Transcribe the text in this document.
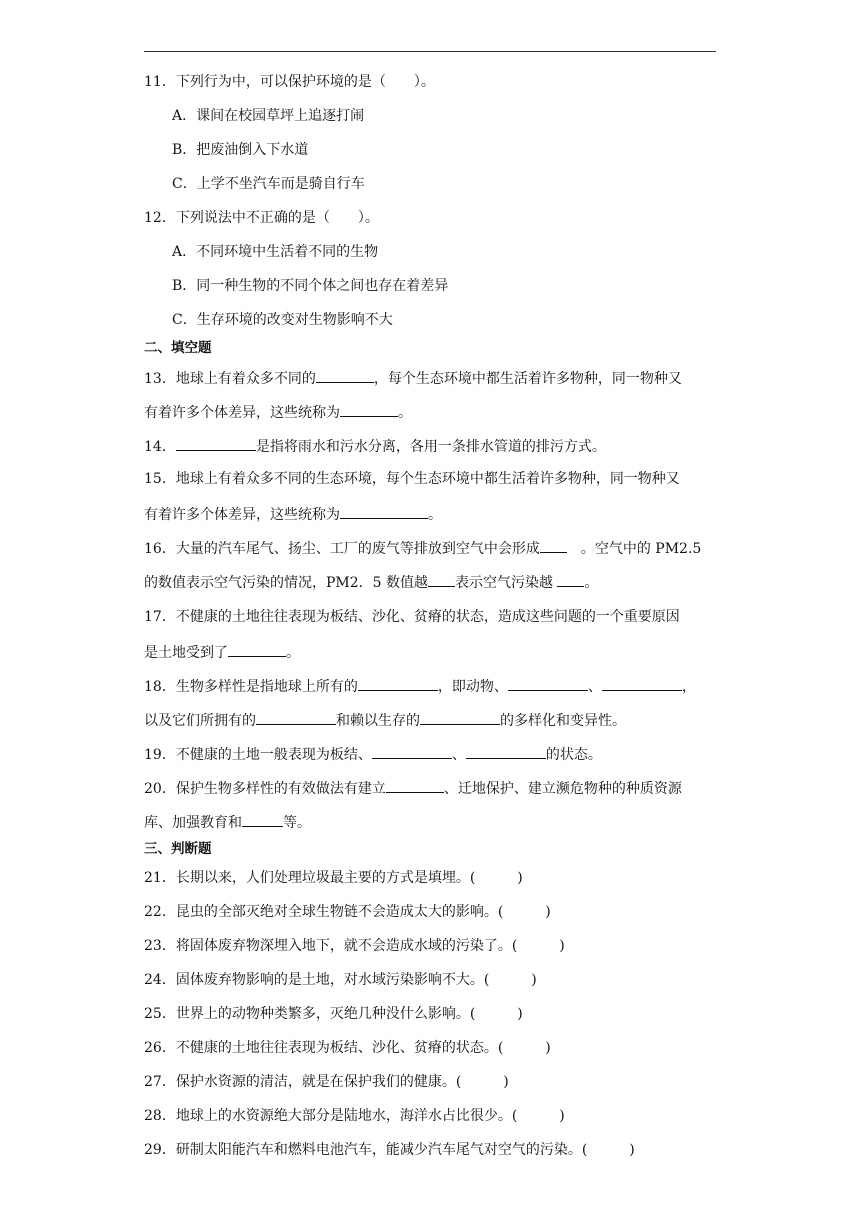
11．下列行为中，可以保护环境的是（　　）。
A．课间在校园草坪上追逐打闹
B．把废油倒入下水道
C．上学不坐汽车而是骑自行车
12．下列说法中不正确的是（　　）。
A．不同环境中生活着不同的生物
B．同一种生物的不同个体之间也存在着差异
C．生存环境的改变对生物影响不大
二、填空题
13．地球上有着众多不同的	，每个生态环境中都生活着许多物种，同一物种又
有着许多个体差异，这些统称为	。
14．	是指将雨水和污水分离，各用一条排水管道的排污方式。
15．地球上有着众多不同的生态环境，每个生态环境中都生活着许多物种，同一物种又
有着许多个体差异，这些统称为	。
16．大量的汽车尾气、扬尘、工厂的废气等排放到空气中会形成　。空气中的 PM2.5
的数值表示空气污染的情况，PM2．5 数值越 表示空气污染越 。
17．不健康的土地往往表现为板结、沙化、贫瘠的状态，造成这些问题的一个重要原因
是土地受到了	。
18．生物多样性是指地球上所有的	，即动物、	、	，
以及它们所拥有的	和赖以生存的	的多样化和变异性。
19．不健康的土地一般表现为板结、	、	的状态。
20．保护生物多样性的有效做法有建立	、迁地保护、建立濒危物种的种质资源
库、加强教育和	等。
三、判断题
21．长期以来，人们处理垃圾最主要的方式是填埋。(　　　)
22．昆虫的全部灭绝对全球生物链不会造成太大的影响。(　　　)
23．将固体废弃物深埋入地下，就不会造成水域的污染了。(　　　)
24．固体废弃物影响的是土地，对水域污染影响不大。(　　　)
25．世界上的动物种类繁多，灭绝几种没什么影响。(　　　)
26．不健康的土地往往表现为板结、沙化、贫瘠的状态。(　　　)
27．保护水资源的清洁，就是在保护我们的健康。(　　　)
28．地球上的水资源绝大部分是陆地水，海洋水占比很少。(　　　)
29．研制太阳能汽车和燃料电池汽车，能减少汽车尾气对空气的污染。(　　　)
